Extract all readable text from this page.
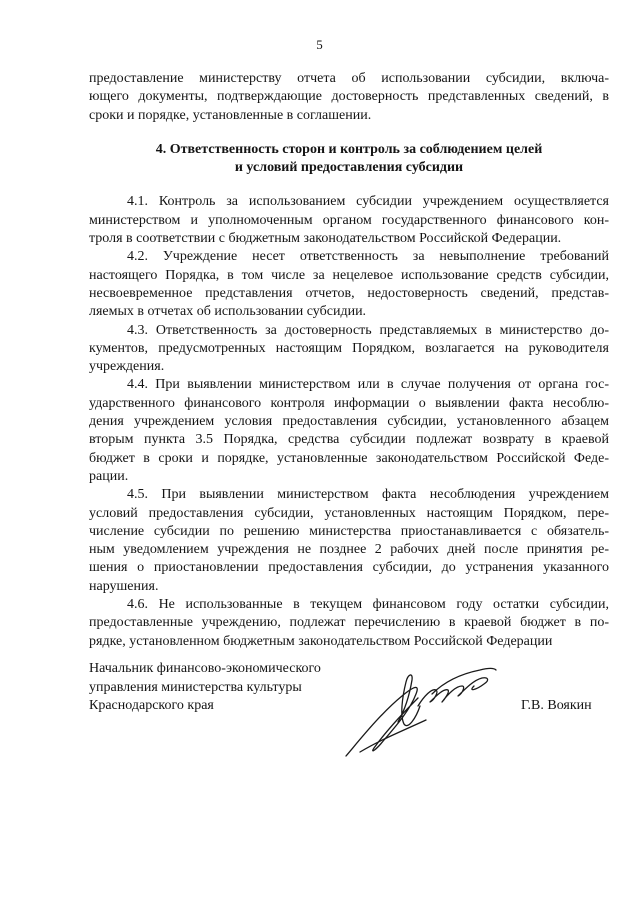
5
предоставление министерству отчета об использовании субсидии, включа-
ющего документы, подтверждающие достоверность представленных сведений, в
сроки и порядке, установленные в соглашении.
4. Ответственность сторон и контроль за соблюдением целей
и условий предоставления субсидии
4.1. Контроль за использованием субсидии учреждением осуществляется
министерством и уполномоченным органом государственного финансового кон-
троля в соответствии с бюджетным законодательством Российской Федерации.
4.2. Учреждение несет ответственность за невыполнение требований
настоящего Порядка, в том числе за нецелевое использование средств субсидии,
несвоевременное представления отчетов, недостоверность сведений, представ-
ляемых в отчетах об использовании субсидии.
4.3. Ответственность за достоверность представляемых в министерство до-
кументов, предусмотренных настоящим Порядком, возлагается на руководителя
учреждения.
4.4. При выявлении министерством или в случае получения от органа гос-
ударственного финансового контроля информации о выявлении факта несоблю-
дения учреждением условия предоставления субсидии, установленного абзацем
вторым пункта 3.5 Порядка, средства субсидии подлежат возврату в краевой
бюджет в сроки и порядке, установленные законодательством Российской Феде-
рации.
4.5. При выявлении министерством факта несоблюдения учреждением
условий предоставления субсидии, установленных настоящим Порядком, пере-
числение субсидии по решению министерства приостанавливается с обязатель-
ным уведомлением учреждения не позднее 2 рабочих дней после принятия ре-
шения о приостановлении предоставления субсидии, до устранения указанного
нарушения.
4.6. Не использованные в текущем финансовом году остатки субсидии,
предоставленные учреждению, подлежат перечислению в краевой бюджет в по-
рядке, установленном бюджетным законодательством Российской Федерации
Начальник финансово-экономического
управления министерства культуры
Краснодарского края	Г.В. Воякин
